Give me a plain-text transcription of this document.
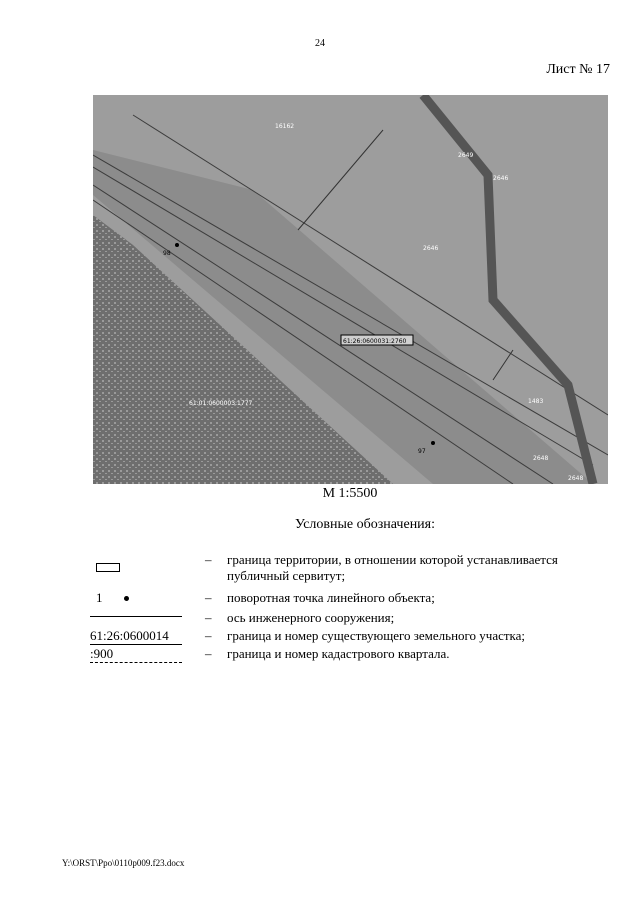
24
Лист № 17
16162
2646
98
97
61:26:0600031:2760
61:01:0600003:1777	1483
2648
2646
2648
2649
М 1:5500
Условные обозначения:
– граница территории, в отношении которой устанавливается публичный сервитут;
1	– поворотная точка линейного объекта;
– ось инженерного сооружения;
61:26:0600014	– граница и номер существующего земельного участка;
:900	– граница и номер кадастрового квартала.
Y:\ORST\Ppo\0110p009.f23.docx
